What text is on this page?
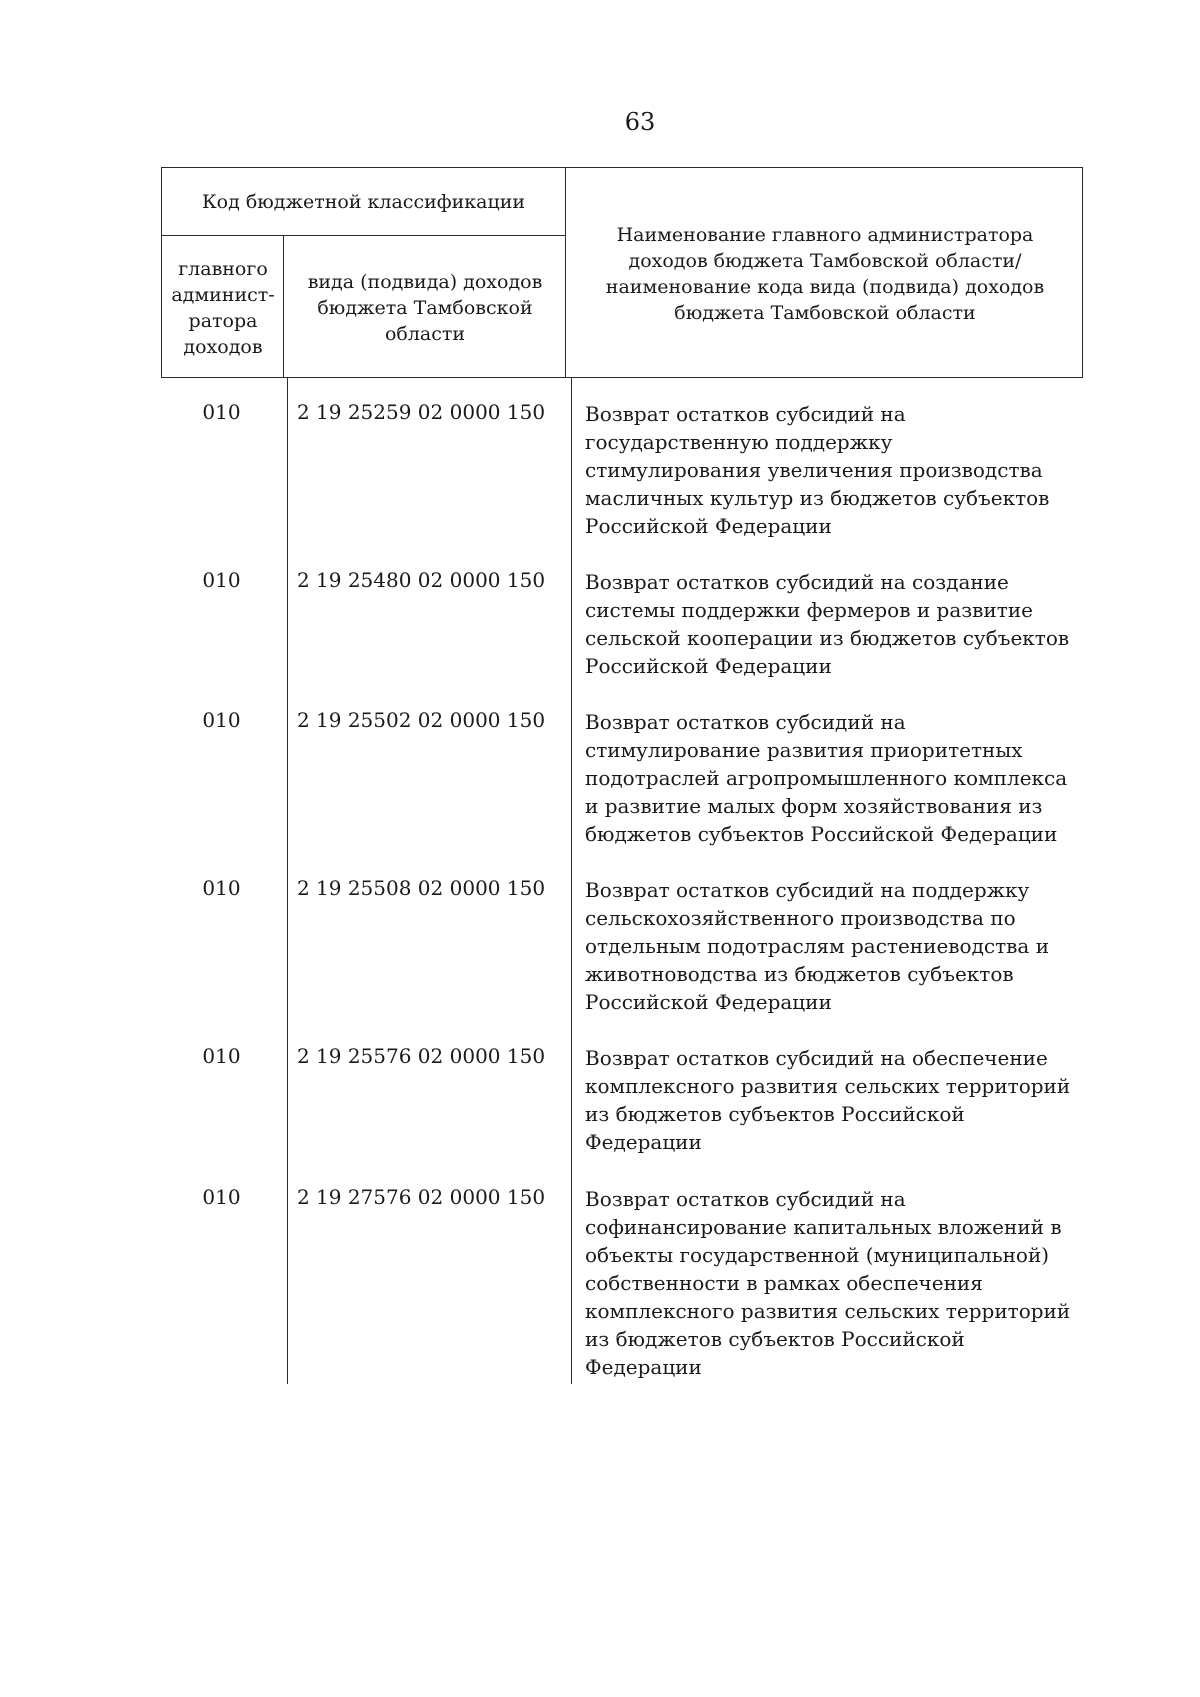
63
Код бюджетной классификации
главного админист-ратора доходов
вида (подвида) доходов бюджета Тамбовской области
Наименование главного администратора доходов бюджета Тамбовской области/наименование кода вида (подвида) доходов бюджета Тамбовской области
010	2 19 25259 02 0000 150	Возврат остатков субсидий на государственную поддержку стимулирования увеличения производства масличных культур из бюджетов субъектов Российской Федерации
010	2 19 25480 02 0000 150	Возврат остатков субсидий на создание системы поддержки фермеров и развитие сельской кооперации из бюджетов субъектов Российской Федерации
010	2 19 25502 02 0000 150	Возврат остатков субсидий на стимулирование развития приоритетных подотраслей агропромышленного комплекса и развитие малых форм хозяйствования из бюджетов субъектов Российской Федерации
010	2 19 25508 02 0000 150	Возврат остатков субсидий на поддержку сельскохозяйственного производства по отдельным подотраслям растениеводства и животноводства из бюджетов субъектов Российской Федерации
010	2 19 25576 02 0000 150	Возврат остатков субсидий на обеспечение комплексного развития сельских территорий из бюджетов субъектов Российской Федерации
010	2 19 27576 02 0000 150	Возврат остатков субсидий на софинансирование капитальных вложений в объекты государственной (муниципальной) собственности в рамках обеспечения комплексного развития сельских территорий из бюджетов субъектов Российской Федерации
